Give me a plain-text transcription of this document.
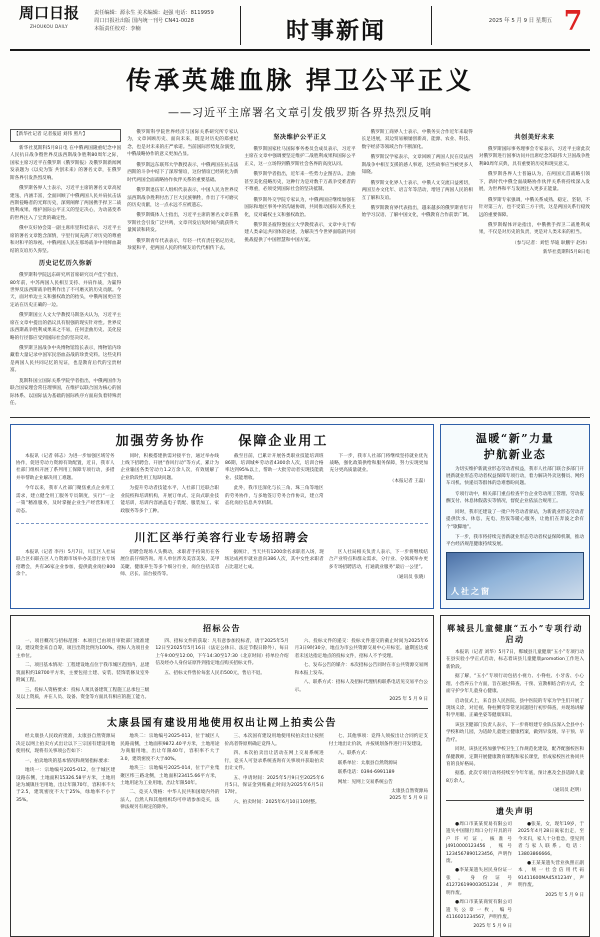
周口日报
ZHOUKOU DAILY
责任编辑：源永生 美术编辑：赵强 电话：8119959
周口日报社出版 国内统一刊号 CN41-0028
本版责任校对：李楠	时事新闻	2025 年 5 月 9 日 星期五 7
传承英雄血脉 捍卫公平正义
——习近平主席署名文章引发俄罗斯各界热烈反响
【新华社记者 记者报道 刘伟 照片】

新华社莫斯科5月8日电 在中俄两国隆重纪念中国人民抗日战争暨世界反法西斯战争胜利80周年之际，国家主席习近平在俄罗斯《俄罗斯报》及俄罗斯新闻网发表题为《以史为鉴 共创未来》的署名文章，在俄罗斯各界引发热烈反响。

俄罗斯各界人士表示，习近平主席的署名文章高屋建瓴、内涵丰富，全面回顾了中俄两国人民并肩抗击法西斯侵略者的光辉历史，深刻阐释了两国携手捍卫二战胜利成果、维护国际公平正义的坚定决心，为动荡变革的世界注入了宝贵的确定性。

俄中友好协会第一副主席库里科娃表示，习近平主席的署名文章饱含深情，字里行间充满了对历史的尊重和对和平的珍视。中俄两国人民在那场战争中用鲜血凝结的友谊历久弥坚。

历史记忆历久弥新

俄罗斯科学院远东研究所首席研究员卢佳宁指出，80年前，中苏两国人民相互支持、并肩作战，为赢得世界反法西斯战争胜利作出了不可磨灭的历史贡献。今天，面对单边主义和强权政治的抬头，中俄两国更应坚定站在历史正确的一边。

俄罗斯国立人文大学教授马斯洛夫认为，习近平主席在文章中提出的倡议具有很强的现实针对性。世界反法西斯战争胜利成果来之不易，任何歪曲历史、美化侵略的行径都应受到国际社会的坚决反对。

俄罗斯卫国战争中央博物馆馆长表示，博物馆内珍藏着大量记录中国军民浴血奋战的珍贵史料。这些史料是两国人民共同记忆的见证，也是教育后代的宝贵财富。

莫斯科国立国际关系学院学者指出，中俄两国作为联合国安理会常任理事国，在维护以联合国为核心的国际体系、以国际法为基础的国际秩序方面肩负着特殊责任。

俄罗斯科学院世界经济与国际关系研究所专家认为，文章回顾历史、面向未来，既是对历史的郑重纪念，也是对未来的庄严承诺。当前国际形势复杂演变，中俄战略协作的意义更加凸显。

俄罗斯远东联邦大学教授表示，中俄两国在抗击法西斯的斗争中结下了深厚情谊，这份情谊已经转化为新时代两国全面战略协作伙伴关系的重要基础。

俄罗斯退伍军人组织代表表示，中国人民为世界反法西斯战争胜利付出了巨大民族牺牲，作出了不可磨灭的历史贡献，这一点永远不应被遗忘。

俄罗斯媒体人士指出，习近平主席的署名文章在俄罗斯社会引发广泛共鸣，文章刊发后短时间内就获得大量阅读和转发。

俄罗斯青年代表表示，年轻一代有责任铭记历史、珍爱和平，把两国人民的传统友谊代代相传下去。

坚决维护公平正义

俄罗斯国家杜马国际事务委员会成员表示，习近平主席在文章中强调要坚定维护二战胜利成果和国际公平正义，这一立场得到俄罗斯社会各界的高度认同。

俄罗斯学者指出，近年来一些势力企图否认、歪曲甚至美化侵略历史，这种行为是对数千万战争受难者的不尊重，必须受到国际社会的坚决抵制。

俄罗斯外交学院专家认为，中俄两国应继续加强在国际和地区事务中的沟通协调，共同推动国际关系民主化，反对霸权主义和强权政治。

俄罗斯圣彼得堡国立大学教授表示，文章中关于构建人类命运共同体的论述，为解决当今世界面临的共同挑战提供了中国智慧和中国方案。

俄罗斯工商界人士表示，中俄务实合作近年来取得长足进展，双边贸易额屡创新高，能源、农业、科技、数字经济等领域合作不断深化。

俄罗斯汉学家表示，文章回顾了两国人民在反法西斯战争中相互支援的感人事迹，这些故事应当被更多人知晓。

俄罗斯文化界人士表示，中俄人文交流日益密切，两国互办文化年、语言年等活动，增进了两国人民的相互了解和友谊。

俄罗斯教育界代表指出，越来越多的俄罗斯青年开始学习汉语、了解中国文化，中俄教育合作前景广阔。

共创美好未来

俄罗斯国际事务理事会专家表示，习近平主席此次对俄罗斯进行国事访问并出席纪念苏联伟大卫国战争胜利80周年庆典，具有重要的历史和现实意义。

俄罗斯各界人士普遍认为，在两国元首战略引领下，新时代中俄全面战略协作伙伴关系将持续深入发展，为世界和平与发展注入更多正能量。

俄罗斯专家强调，中俄关系成熟、稳定、坚韧，不针对第三方，也不受第三方干扰，这是两国关系行稳致远的重要保障。

俄罗斯媒体评论指出，中俄携手捍卫二战胜利成果，不仅是对历史的负责，更是对人类未来的担当。

（参与记者：刘恺 华迪 耿鹏宇 赵冰）
新华社莫斯科5月8日电
加强劳务协作	保障企业用工

本报讯（记者 韩志）为进一步加强区域劳务协作，促进劳动力资源有效配置，近日，我市人社部门组织开展了系列用工保障专项行动，多措并举帮助企业解决用工难题。

今年以来，我市人社部门聚焦重点企业用工需求，建立健全用工服务专员制度，实行“一企一策”精准服务，及时掌握企业生产经营和用工动态。

同时，积极搭建供需对接平台，通过举办线上线下招聘会、开展“春风行动”等方式，累计为企业输送各类劳动力1.2万余人次，有效缓解了企业阶段性用工短缺问题。

为提升劳动者技能水平，人社部门还联合职业院校和培训机构，开展订单式、定向式职业技能培训，培训内容涵盖电子装配、服装加工、家政服务等多个工种。

截至目前，已累计开展各类职业技能培训班86期，培训城乡劳动者4300余人次，培训合格率达到95%以上，帮助一大批劳动者实现技能就业、技能增收。

此外，我市还深化与长三角、珠三角等地区的劳务协作，与多地签订劳务合作协议，建立常态化岗位信息共享机制。

下一步，我市人社部门将继续坚持就业优先战略，强化政策供给和服务保障，努力实现更加充分更高质量就业。

（本报记者 王磊）
川汇区举行美容行业专场招聘会

本报讯（记者 李丹）5月7日，川汇区人社局联合区妇联在区人力资源市场举办美容行业专场招聘会，共有36家企业参加，提供就业岗位800余个。

招聘会现场人头攒动，求职者手持简历在各展位前仔细咨询。用人单位涉及美容美发、美甲美睫、健康养生等多个细分行业，岗位包括美容师、店长、前台接待等。

据统计，当天共有1200余名求职者入场，现场达成初步就业意向386人次，其中女性求职者占比超过七成。

区人社局相关负责人表示，下一步将继续结合产业特点和群众需求，分行业、分领域举办更多专场招聘活动，打通就业服务“最后一公里”。

（通讯员 张晓）
温暖“新”力量
护航新业态

为切实维护新就业形态劳动者权益，我市人社部门联合多部门开展新就业形态劳动者权益保障专项行动，着力解决外卖送餐员、网约车司机、快递员等群体的急难愁盼问题。

专项行动中，相关部门重点检查平台企业劳动用工管理、劳动报酬支付、休息休假落实等情况，督促企业依法合规用工。

同时，我市还建设了一批户外劳动者驿站，为新就业形态劳动者提供饮水、休息、充电、热饭等暖心服务，让他们在奔波之余有个“歇脚地”。

下一步，我市将持续完善新就业形态劳动者权益保障机制，推动平台经济规范健康持续发展。

人社之窗
招标公告

一、项目概况与招标范围：本项目已由项目审批部门批准建设，建设资金来自自筹，项目出资比例为100%，招标人为项目业主单位。

二、项目基本情况：工程建设地点位于我市城区范围内，总建筑面积约18700平方米，主要包括土建、安装、装饰装修及室外附属工程。

三、投标人资格要求：投标人须具备建筑工程施工总承包三级及以上资质，并在人员、设备、资金等方面具有相应的施工能力。

四、招标文件的获取：凡有意参加投标者，请于2025年5月12日至2025年5月16日（法定公休日、法定节假日除外），每日上午9:00至12:00，下午14:30至17:30（北京时间）持单位介绍信及经办人身份证原件到指定地点购买招标文件。

五、招标文件售价每套人民币500元，售后不退。

六、投标文件的递交：投标文件递交的截止时间为2025年6月3日9时30分，地点为市公共资源交易中心开标室。逾期送达或者未送达指定地点的投标文件，招标人不予受理。

七、发布公告的媒介：本次招标公告同时在市公共资源交易网和本报上发布。

八、联系方式：招标人及招标代理机构联系电话见交易平台公示。

2025 年 5 月 9 日
太康县国有建设用地使用权出让网上拍卖公告

经太康县人民政府批准，太康县自然资源局决定以网上拍卖方式出让以下三宗国有建设用地使用权，现将有关事项公告如下：

一、拍卖地块的基本情况和规划指标要求：

地块一：宗地编号2025-012，位于城区建设路东侧，土地面积15326.58平方米，土地用途为城镇住宅用地，出让年限70年，容积率不大于2.5，建筑密度不大于25%，绿地率不小于35%。

地块二：宗地编号2025-013，位于城区人民路南侧，土地面积9872.40平方米，土地用途为商服用地，出让年限40年，容积率不大于3.0，建筑密度不大于40%。

地块三：宗地编号2025-014，位于产业集聚区纬三路北侧，土地面积23415.66平方米，土地用途为工业用地，出让年限50年。

二、竞买人资格：中华人民共和国境内外的法人、自然人和其他组织均可申请参加竞买，法律法规另有规定的除外。

三、本次国有建设用地使用权拍卖出让按照价高者得原则确定竞得人。

四、本次拍卖出让活动在网上交易系统进行，竞买人可登录系统查询有关事项并获取拍卖出让文件。

五、申请时间：2025年5月9日至2025年6月5日。保证金到账截止时间为2025年6月5日17时。

六、拍卖时间：2025年6月10日10时整。

七、其他事项：竞得人须按出让合同约定支付土地出让价款，并按规划条件进行开发建设。

八、联系方式：

联系单位：太康县自然资源局

联系电话：0394-6991189

网址：见网上交易系统公告

太康县自然资源局
2025 年 5 月 9 日
郸城县儿童健康“五小”专项行动启动

本报讯（记者 刘华）5月7日，郸城县儿童健康“五小”专项行动在县实验小学正式启动，标志着该县儿童健康promotion工作进入新阶段。

据了解，“五小”专项行动包括小视力、小脊柱、小牙齿、小心理、小营养五个方面，旨在通过筛查、干预、宣教相结合的方式，全面守护少年儿童身心健康。

启动仪式上，来自县人民医院、县中医院的专家为学生们开展了现场义诊，对近视、脊柱侧弯等常见问题进行初步筛查，并现场讲解科学用眼、正确坐姿等健康知识。

该县卫健部门负责人表示，下一步将组建专业队伍深入全县中小学校和幼儿园，为适龄儿童建立健康档案，做到早发现、早干预、早治疗。

同时，该县还将加强学校卫生工作规范化建设，配齐配强校医和保健教师，定期开展健康教育课程和家长课堂，形成家校医社协同共育的良好格局。

据悉，此次专项行动将持续至今年年底，预计惠及全县适龄儿童8万余人。

（通讯员 赵明）
遗失声明

●周口市某某贸易有限公司遗失中国银行周口分行开具的开户许可证，核准号J4910000123456，账号1234567890123456，声明作废。

●李某某遗失居民身份证一张，身份证号412726199003051234，声明作废。

●周口市某某商贸有限公司遗失公章一枚，编号4116021234567，声明作废。

2025 年 5 月 9 日

●张某，女，现年19岁，于2025年4月28日离家出走，至今未归，家人十分着急，望见到者与家人联系。电话：13803866666。

●王某某遗失营业执照正副本，统一社会信用代码91411600MA45X1234Y，声明作废。

2025 年 5 月 9 日
